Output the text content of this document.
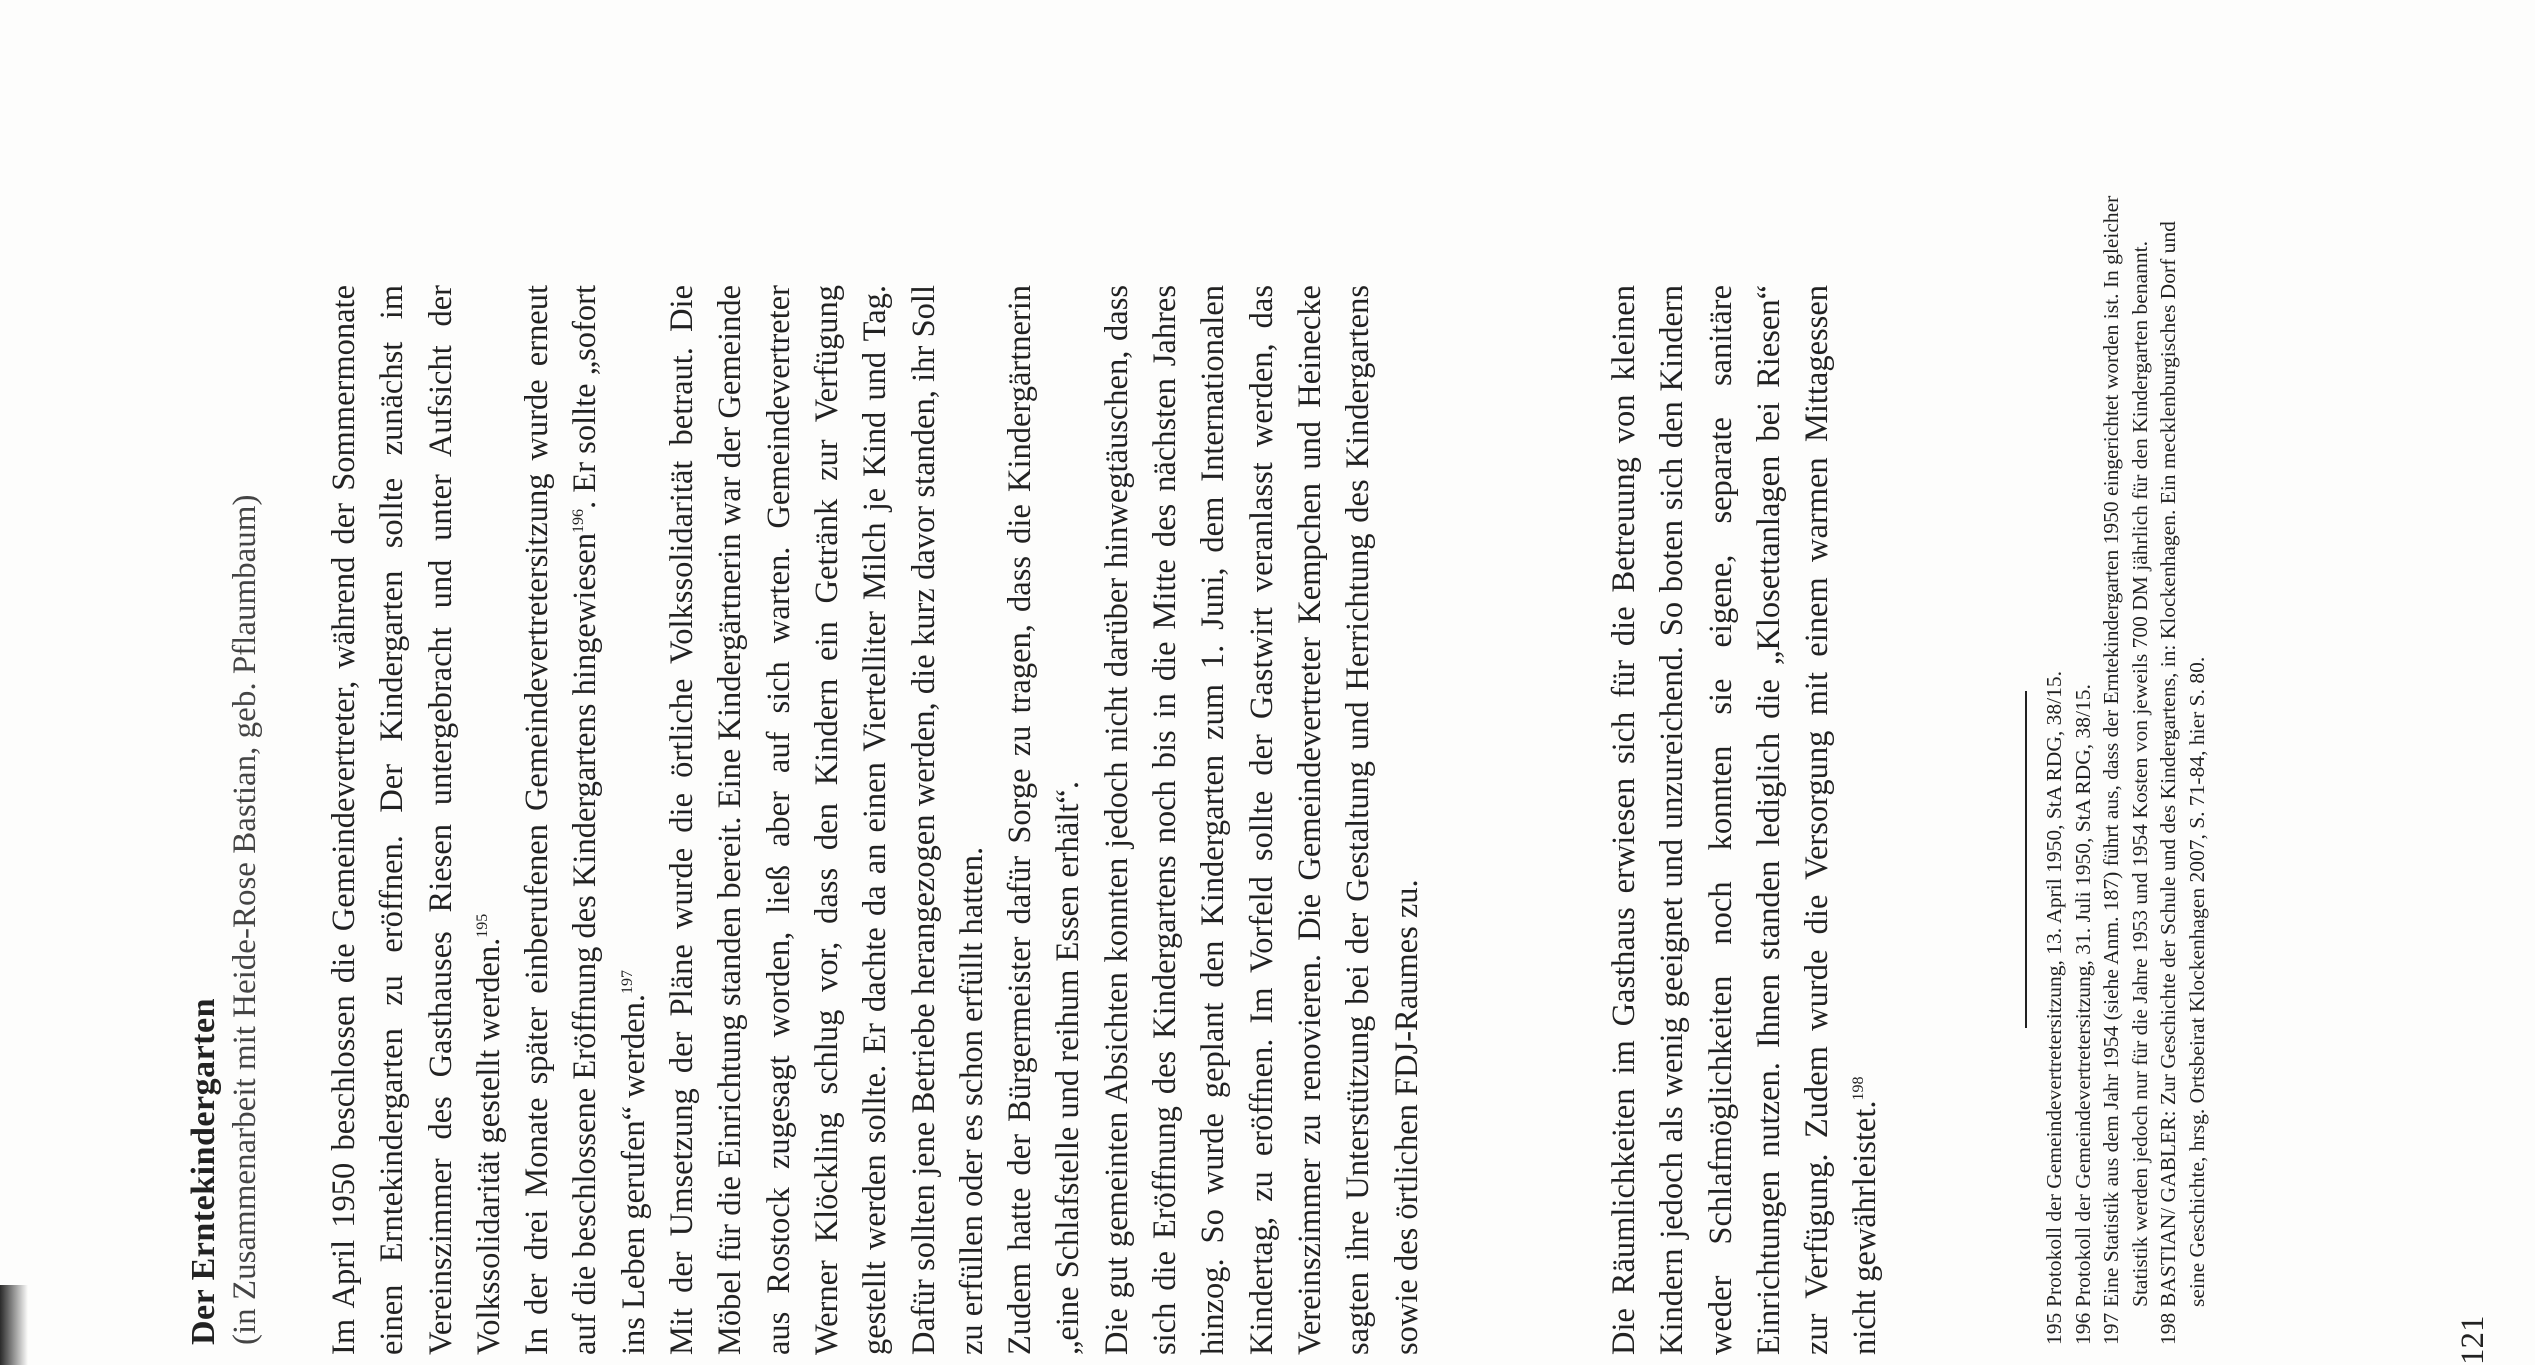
Der Erntekindergarten (in Zusammenarbeit mit Heide-Rose Bastian, geb. Pflaumbaum) Im April 1950 beschlossen die Gemeindevertreter, während der Sommermonate einen Erntekindergarten zu eröffnen. Der Kindergarten sollte zunächst im Vereinszimmer des Gasthauses Riesen untergebracht und unter Aufsicht der Volkssolidarität gestellt werden.$^{195}$ In der drei Monate später einberufenen Gemeindevertretersitzung wurde erneut auf die beschlossene Eröffnung des Kindergartens hingewiesen$^{196}$. Er sollte „sofort ins Leben gerufen“ werden.$^{197}$ Mit der Umsetzung der Pläne wurde die örtliche Volkssolidarität betraut. Die Möbel für die Einrichtung standen bereit. Eine Kindergärtnerin war der Gemeinde aus Rostock zugesagt worden, ließ aber auf sich warten. Gemeindevertreter Werner Klöckling schlug vor, dass den Kindern ein Getränk zur Verfügung gestellt werden sollte. Er dachte da an einen Viertelliter Milch je Kind und Tag. Dafür sollten jene Betriebe herangezogen werden, die kurz davor standen, ihr Soll zu erfüllen oder es schon erfüllt hatten. Zudem hatte der Bürgermeister dafür Sorge zu tragen, dass die Kindergärtnerin „eine Schlafstelle und reihum Essen erhält“. Die gut gemeinten Absichten konnten jedoch nicht darüber hinwegtäuschen, dass sich die Eröffnung des Kindergartens noch bis in die Mitte des nächsten Jahres hinzog. So wurde geplant den Kindergarten zum 1. Juni, dem Internationalen Kindertag, zu eröffnen. Im Vorfeld sollte der Gastwirt veranlasst werden, das Vereinszimmer zu renovieren. Die Gemeindevertreter Kempchen und Heinecke sagten ihre Unterstützung bei der Gestaltung und Herrichtung des Kindergartens sowie des örtlichen FDJ-Raumes zu.	Die Räumlichkeiten im Gasthaus erwiesen sich für die Betreuung von kleinen Kindern jedoch als wenig geeignet und unzureichend. So boten sich den Kindern weder Schlafmöglichkeiten noch konnten sie eigene, separate sanitäre Einrichtungen nutzen. Ihnen standen lediglich die „Klosettanlagen bei Riesen“ zur Verfügung. Zudem wurde die Versorgung mit einem warmen Mittagessen nicht gewährleistet.$^{198}$

195
Protokoll der Gemeindevertretersitzung, 13. April 1950, StA RDG, 38/15.
196
Protokoll der Gemeindevertretersitzung, 31. Juli 1950, StA RDG, 38/15.
197
Eine Statistik aus dem Jahr 1954 (siehe Anm. 187) führt aus, dass der Erntekindergarten 1950 eingerichtet worden ist. In gleicher Statistik werden jedoch nur für die Jahre 1953 und 1954 Kosten von jeweils 700 DM jährlich für den Kindergarten benannt.
198
BASTIAN/ GABLER: Zur Geschichte der Schule und des Kindergartens, in: Klockenhagen. Ein mecklenburgisches Dorf und seine Geschichte, hrsg. Ortsbeirat Klockenhagen 2007, S. 71-84, hier S. 80.
121
